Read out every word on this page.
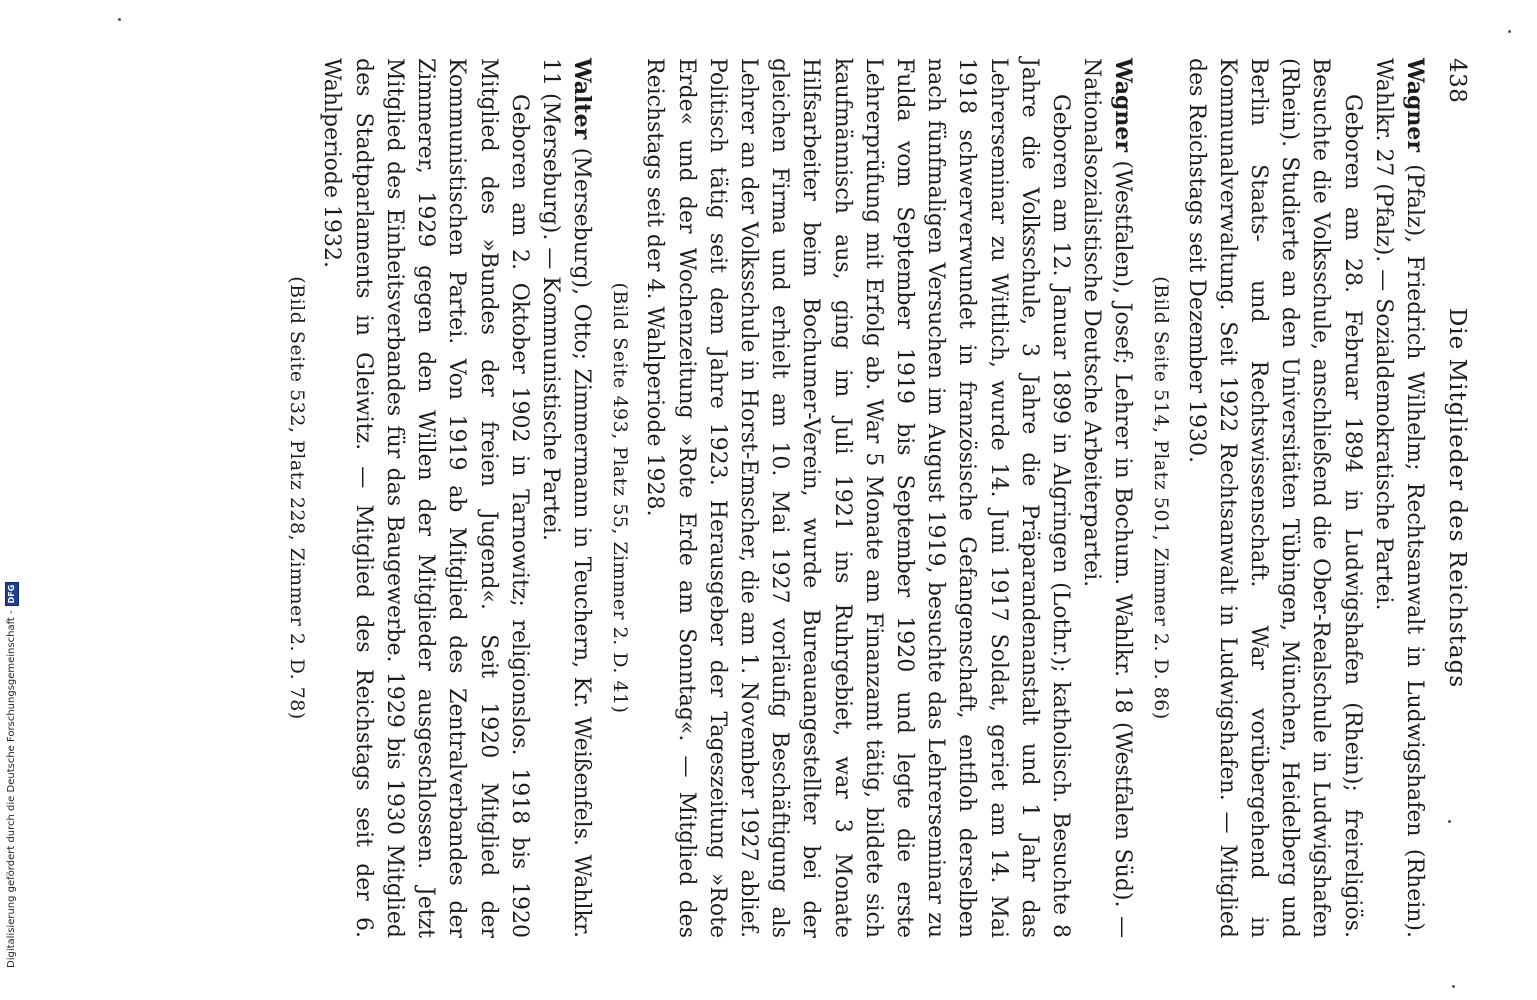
438
Die Mitglieder des Reichstags

Wagner (Pfalz), Friedrich Wilhelm; Rechtsanwalt in Ludwigshafen (Rhein). Wahlkr. 27 (Pfalz). — Sozialdemokratische Partei.

Geboren am 28. Februar 1894 in Ludwigshafen (Rhein); freireligiös. Besuchte die Volksschule, anschließend die Ober-Realschule in Ludwigshafen (Rhein). Studierte an den Universitäten Tübingen, München, Heidelberg und Berlin Staats- und Rechtswissenschaft. War vorübergehend in Kommunalverwaltung. Seit 1922 Rechtsanwalt in Ludwigshafen. — Mitglied des Reichstags seit Dezember 1930.

(Bild Seite 514, Platz 501, Zimmer 2. D. 86)

Wagner (Westfalen), Josef; Lehrer in Bochum. Wahlkr. 18 (Westfalen Süd). — Nationalsozialistische Deutsche Arbeiterpartei.

Geboren am 12. Januar 1899 in Algringen (Lothr.); katholisch. Besuchte 8 Jahre die Volksschule, 3 Jahre die Präparandenanstalt und 1 Jahr das Lehrerseminar zu Wittlich, wurde 14. Juni 1917 Soldat, geriet am 14. Mai 1918 schwerverwundet in französische Gefangenschaft, entfloh derselben nach fünfmaligen Versuchen im August 1919, besuchte das Lehrerseminar zu Fulda vom September 1919 bis September 1920 und legte die erste Lehrerprüfung mit Erfolg ab. War 5 Monate am Finanzamt tätig, bildete sich kaufmännisch aus, ging im Juli 1921 ins Ruhrgebiet, war 3 Monate Hilfsarbeiter beim Bochumer-Verein, wurde Bureauangestellter bei der gleichen Firma und erhielt am 10. Mai 1927 vorläufig Beschäftigung als Lehrer an der Volksschule in Horst-Emscher, die am 1. November 1927 ablief. Politisch tätig seit dem Jahre 1923. Herausgeber der Tageszeitung »Rote Erde« und der Wochenzeitung »Rote Erde am Sonntag«. — Mitglied des Reichstags seit der 4. Wahlperiode 1928.

(Bild Seite 493, Platz 55, Zimmer 2. D. 41)

Walter (Merseburg), Otto; Zimmermann in Teuchern, Kr. Weißenfels. Wahlkr. 11 (Merseburg). — Kommunistische Partei.

Geboren am 2. Oktober 1902 in Tarnowitz; religionslos. 1918 bis 1920 Mitglied des »Bundes der freien Jugend«. Seit 1920 Mitglied der Kommunistischen Partei. Von 1919 ab Mitglied des Zentralverbandes der Zimmerer, 1929 gegen den Willen der Mitglieder ausgeschlossen. Jetzt Mitglied des Einheitsverbandes für das Baugewerbe. 1929 bis 1930 Mitglied des Stadtparlaments in Gleiwitz. — Mitglied des Reichstags seit der 6. Wahlperiode 1932.

(Bild Seite 532, Platz 228, Zimmer 2. D. 78)
Digitalisierung gefördert durch die Deutsche Forschungsgemeinschaft -
DFG
